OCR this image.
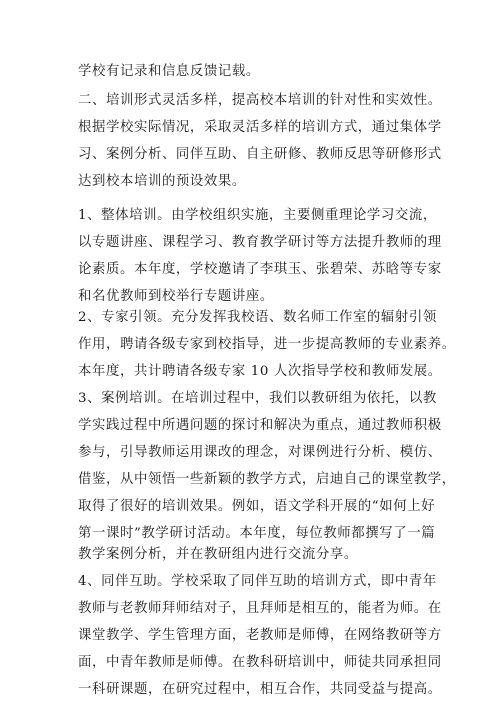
学校有记录和信息反馈记载。
二、培训形式灵活多样，提高校本培训的针对性和实效性。
根据学校实际情况，采取灵活多样的培训方式，通过集体学
习、案例分析、同伴互助、自主研修、教师反思等研修形式
达到校本培训的预设效果。
1、整体培训。由学校组织实施，主要侧重理论学习交流，
以专题讲座、课程学习、教育教学研讨等方法提升教师的理
论素质。本年度，学校邀请了李琪玉、张碧荣、苏晗等专家
和名优教师到校举行专题讲座。
2、专家引领。充分发挥我校语、数名师工作室的辐射引领
作用，聘请各级专家到校指导，进一步提高教师的专业素养。
本年度，共计聘请各级专家 10 人次指导学校和教师发展。
3、案例培训。在培训过程中，我们以教研组为依托，以教
学实践过程中所遇问题的探讨和解决为重点，通过教师积极
参与，引导教师运用课改的理念，对课例进行分析、模仿、
借鉴，从中领悟一些新颖的教学方式，启迪自己的课堂教学，
取得了很好的培训效果。例如，语文学科开展的“如何上好
第一课时”教学研讨活动。本年度，每位教师都撰写了一篇
教学案例分析，并在教研组内进行交流分享。
4、同伴互助。学校采取了同伴互助的培训方式，即中青年
教师与老教师拜师结对子，且拜师是相互的，能者为师。在
课堂教学、学生管理方面，老教师是师傅，在网络教研等方
面，中青年教师是师傅。在教科研培训中，师徒共同承担同
一科研课题，在研究过程中，相互合作，共同受益与提高。
